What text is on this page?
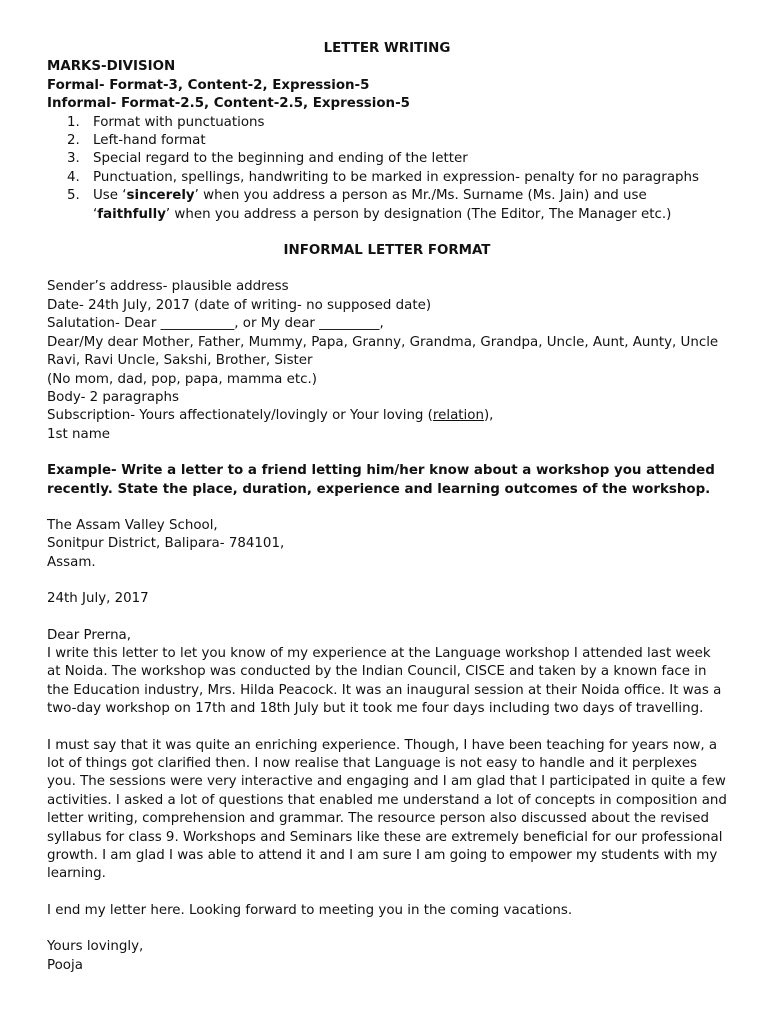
LETTER WRITING

MARKS-DIVISION

Formal- Format-3, Content-2, Expression-5

Informal- Format-2.5, Content-2.5, Expression-5

1. Format with punctuations
2. Left-hand format
3. Special regard to the beginning and ending of the letter
4. Punctuation, spellings, handwriting to be marked in expression- penalty for no paragraphs
5. Use ‘sincerely’ when you address a person as Mr./Ms. Surname (Ms. Jain) and use ‘faithfully’ when you address a person by designation (The Editor, The Manager etc.)

INFORMAL LETTER FORMAT

Sender’s address- plausible address

Date- 24th July, 2017 (date of writing- no supposed date)

Salutation- Dear ___________, or My dear _________,

Dear/My dear Mother, Father, Mummy, Papa, Granny, Grandma, Grandpa, Uncle, Aunt, Aunty, Uncle Ravi, Ravi Uncle, Sakshi, Brother, Sister

(No mom, dad, pop, papa, mamma etc.)

Body- 2 paragraphs

Subscription- Yours affectionately/lovingly or Your loving (relation),

1st name

Example- Write a letter to a friend letting him/her know about a workshop you attended recently. State the place, duration, experience and learning outcomes of the workshop.

The Assam Valley School,

Sonitpur District, Balipara- 784101,

Assam.

24th July, 2017

Dear Prerna,

I write this letter to let you know of my experience at the Language workshop I attended last week at Noida. The workshop was conducted by the Indian Council, CISCE and taken by a known face in the Education industry, Mrs. Hilda Peacock. It was an inaugural session at their Noida office. It was a two-day workshop on 17th and 18th July but it took me four days including two days of travelling.

I must say that it was quite an enriching experience. Though, I have been teaching for years now, a lot of things got clarified then. I now realise that Language is not easy to handle and it perplexes you. The sessions were very interactive and engaging and I am glad that I participated in quite a few activities. I asked a lot of questions that enabled me understand a lot of concepts in composition and letter writing, comprehension and grammar. The resource person also discussed about the revised syllabus for class 9. Workshops and Seminars like these are extremely beneficial for our professional growth. I am glad I was able to attend it and I am sure I am going to empower my students with my learning.

I end my letter here. Looking forward to meeting you in the coming vacations.

Yours lovingly,

Pooja
